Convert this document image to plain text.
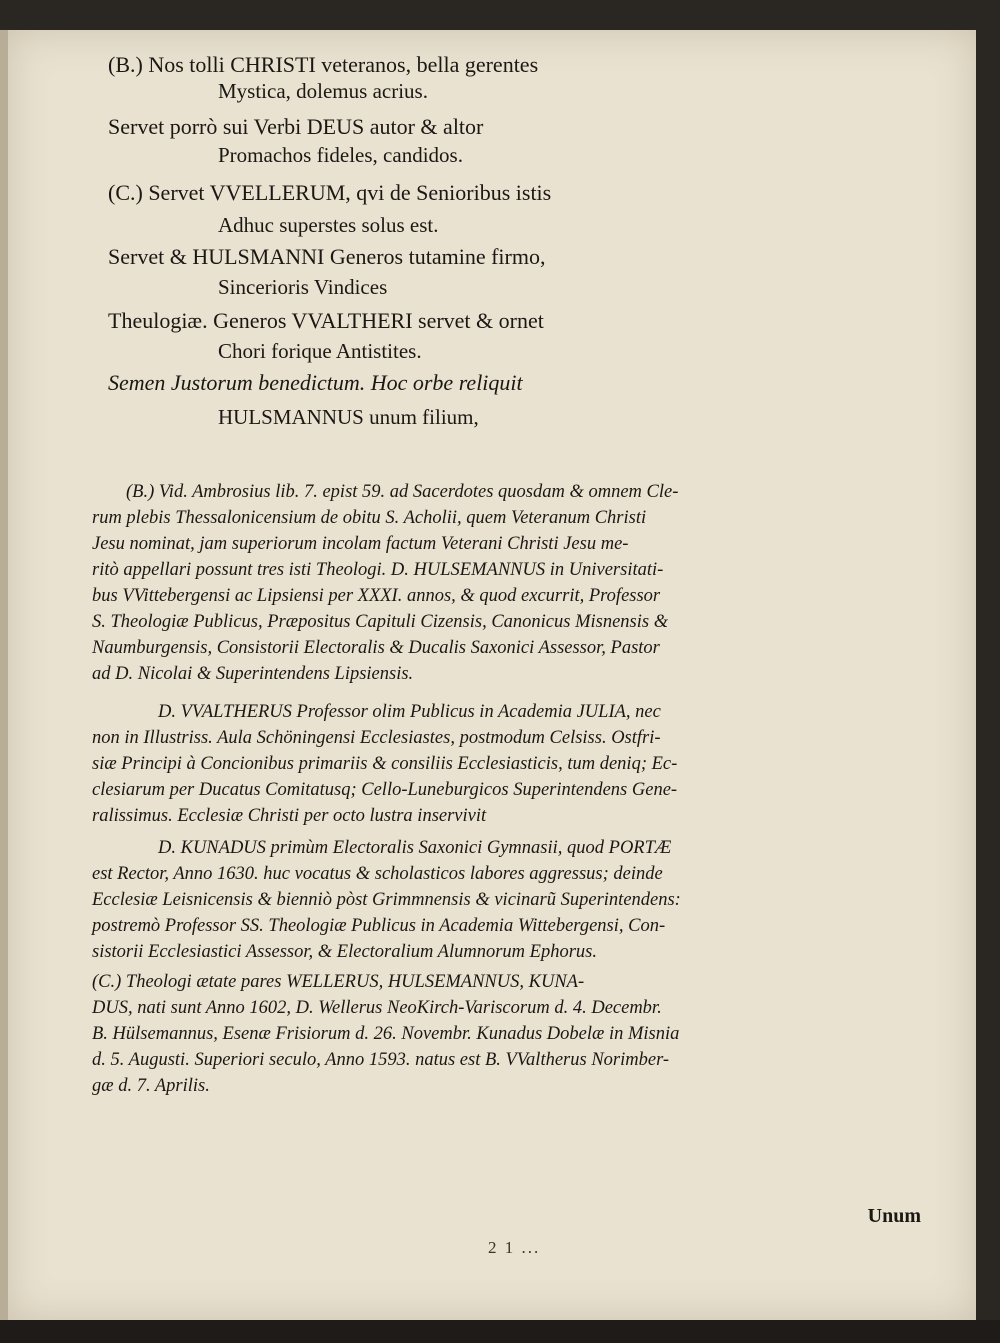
(B.) Nos tolli CHRISTI veteranos, bella gerentes
Mystica, dolemus acrius.
Servet porrò sui Verbi DEUS autor & altor
Promachos fideles, candidos.
(C.) Servet VVELLERUM, qvi de Senioribus istis
Adhuc superstes solus est.
Servet & HULSMANNI Generos tutamine firmo,
Sincerioris Vindices
Theulogiæ. Generos VVALTHERI servet & ornet
Chori forique Antistites.
Semen Justorum benedictum. Hoc orbe reliquit
HULSMANNUS unum filium,
(B.) Vid. Ambrosius lib. 7. epist 59. ad Sacerdotes quosdam & omnem Cle-
rum plebis Thessalonicensium de obitu S. Acholii, quem Veteranum Christi
Jesu nominat, jam superiorum incolam factum Veterani Christi Jesu me-
ritò appellari possunt tres isti Theologi. D. HULSEMANNUS in Universitati-
bus VVittebergensi ac Lipsiensi per XXXI. annos, & quod excurrit, Professor
S. Theologiæ Publicus, Præpositus Capituli Cizensis, Canonicus Misnensis &
Naumburgensis, Consistorii Electoralis & Ducalis Saxonici Assessor, Pastor
ad D. Nicolai & Superintendens Lipsiensis.
D. VVALTHERUS Professor olim Publicus in Academia JULIA, nec
non in Illustriss. Aula Schöningensi Ecclesiastes, postmodum Celsiss. Ostfri-
siæ Principi à Concionibus primariis & consiliis Ecclesiasticis, tum deniq; Ec-
clesiarum per Ducatus Comitatusq; Cello-Luneburgicos Superintendens Gene-
ralissimus. Ecclesiæ Christi per octo lustra inservivit
D. KUNADUS primùm Electoralis Saxonici Gymnasii, quod PORTÆ
est Rector, Anno 1630. huc vocatus & scholasticos labores aggressus; deinde
Ecclesiæ Leisnicensis & bienniò pòst Grimmnensis & vicinarũ Superintendens:
postremò Professor SS. Theologiæ Publicus in Academia Wittebergensi, Con-
sistorii Ecclesiastici Assessor, & Electoralium Alumnorum Ephorus.
(C.) Theologi ætate pares WELLERUS, HULSEMANNUS, KUNA-
DUS, nati sunt Anno 1602, D. Wellerus NeoKirch-Variscorum d. 4. Decembr.
B. Hülsemannus, Esenæ Frisiorum d. 26. Novembr. Kunadus Dobelæ in Misnia
d. 5. Augusti. Superiori seculo, Anno 1593. natus est B. VValtherus Norimber-
gæ d. 7. Aprilis.
Unum
2 1 ...
